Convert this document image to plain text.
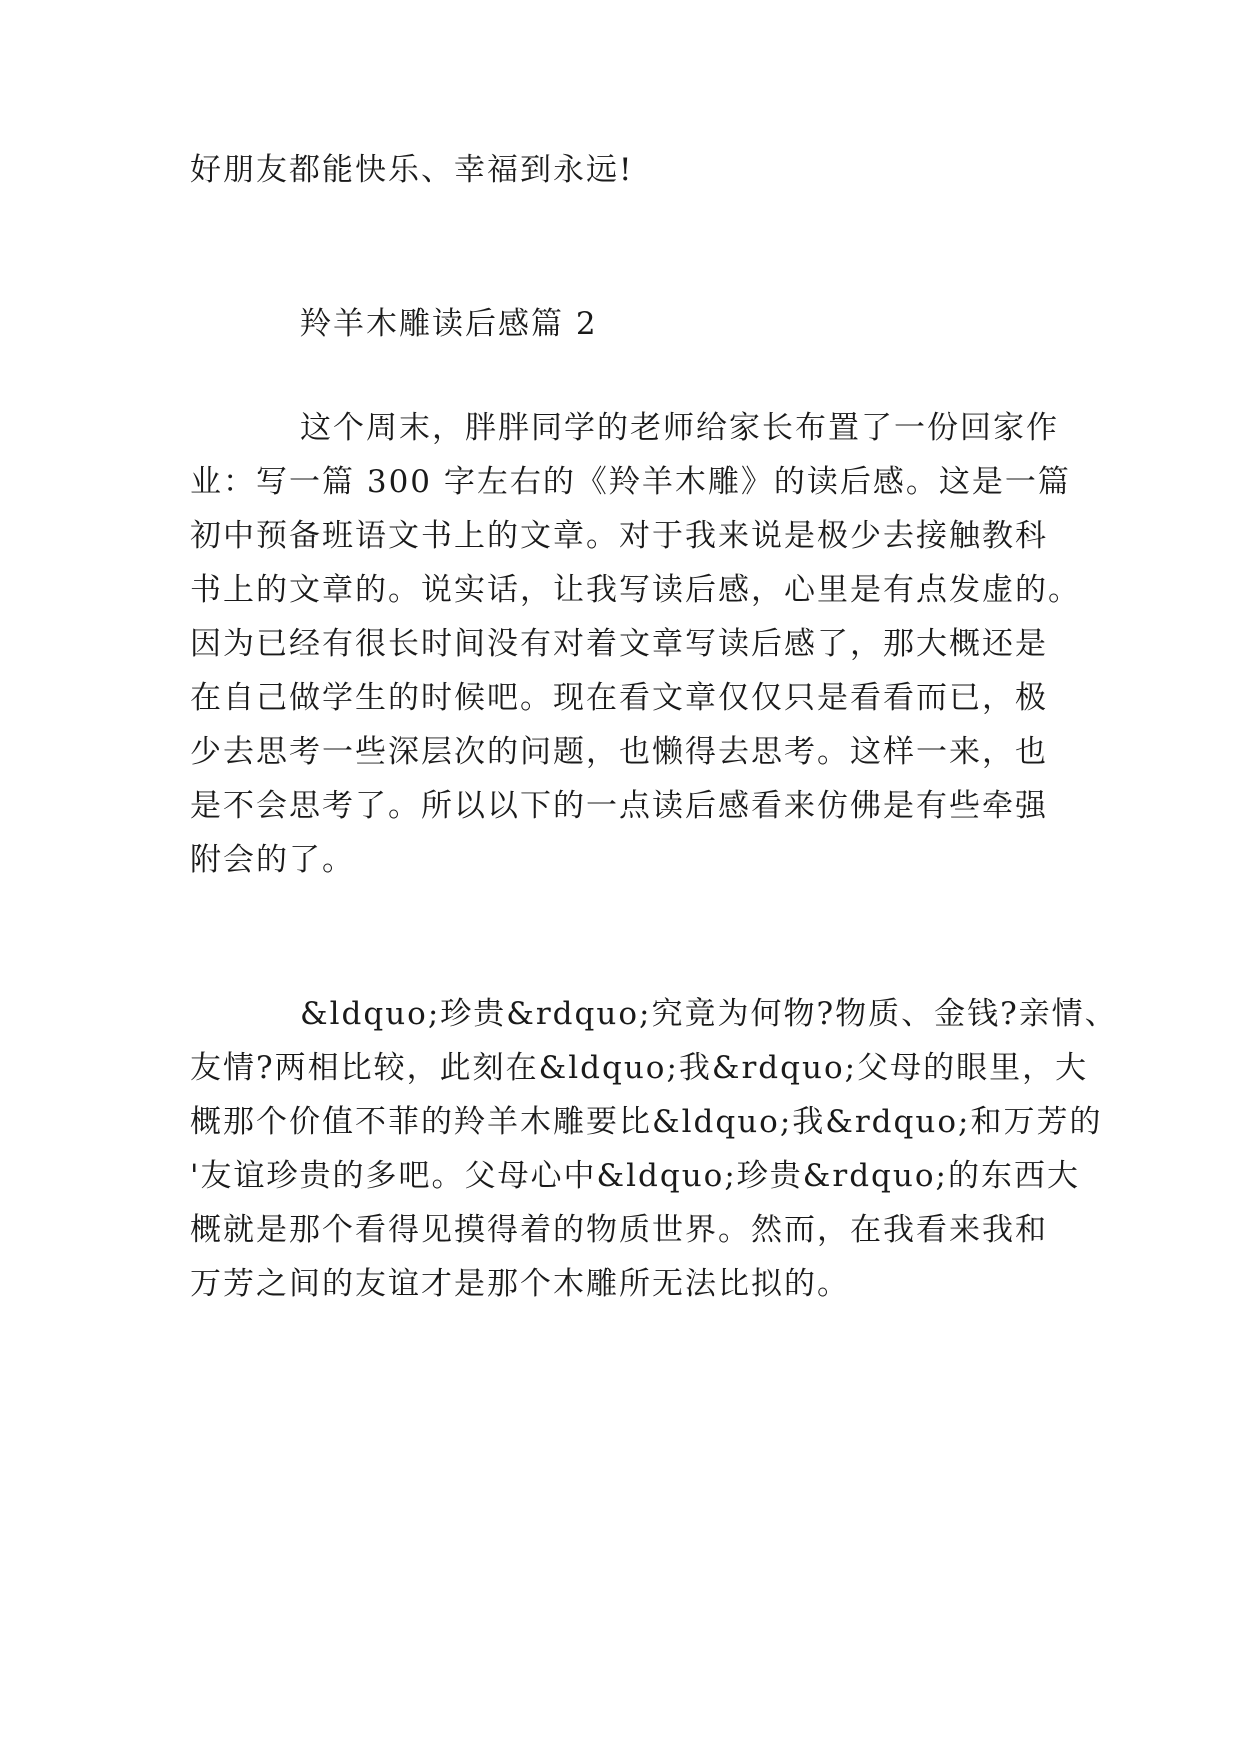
好朋友都能快乐、幸福到永远!
羚羊木雕读后感篇 2
这个周末，胖胖同学的老师给家长布置了一份回家作
业：写一篇 300 字左右的《羚羊木雕》的读后感。这是一篇
初中预备班语文书上的文章。对于我来说是极少去接触教科
书上的文章的。说实话，让我写读后感，心里是有点发虚的。
因为已经有很长时间没有对着文章写读后感了，那大概还是
在自己做学生的时候吧。现在看文章仅仅只是看看而已，极
少去思考一些深层次的问题，也懒得去思考。这样一来，也
是不会思考了。所以以下的一点读后感看来仿佛是有些牵强
附会的了。
&ldquo;珍贵&rdquo;究竟为何物?物质、金钱?亲情、
友情?两相比较，此刻在&ldquo;我&rdquo;父母的眼里，大
概那个价值不菲的羚羊木雕要比&ldquo;我&rdquo;和万芳的
'友谊珍贵的多吧。父母心中&ldquo;珍贵&rdquo;的东西大
概就是那个看得见摸得着的物质世界。然而，在我看来我和
万芳之间的友谊才是那个木雕所无法比拟的。
